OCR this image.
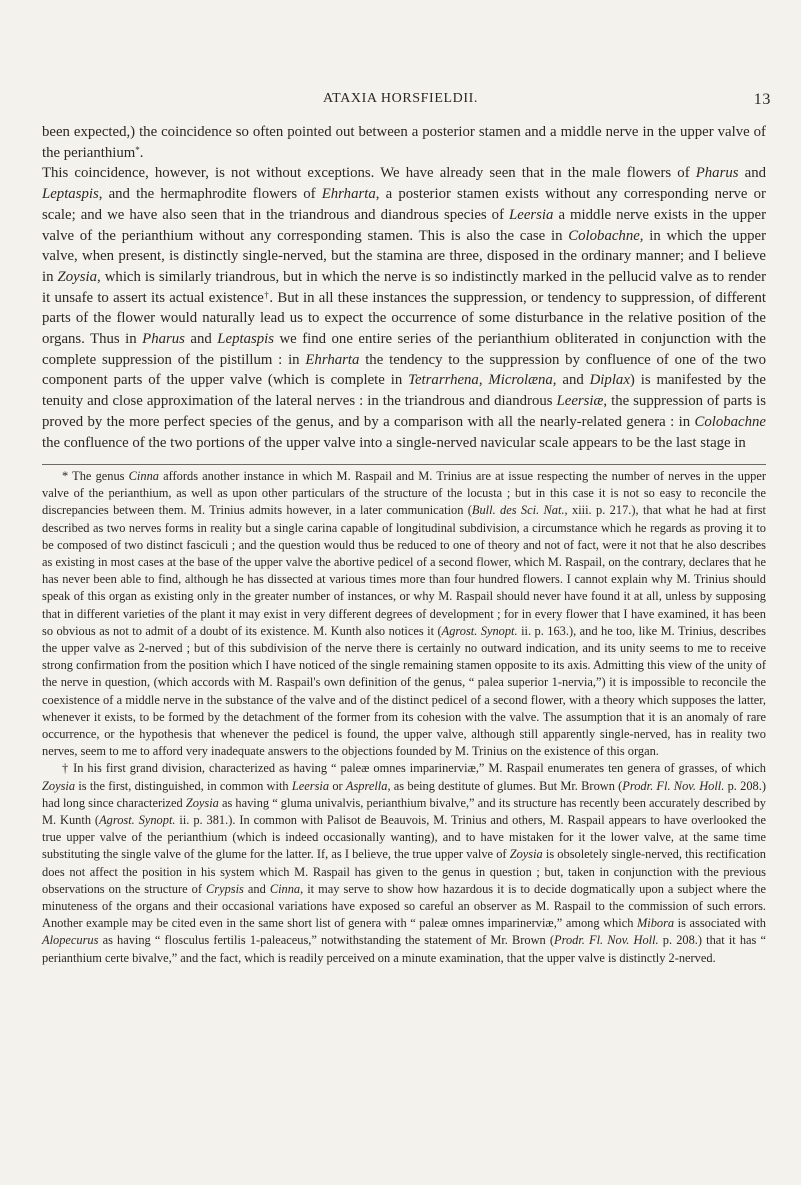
ATAXIA HORSFIELDII.	13

been expected,) the coincidence so often pointed out between a posterior stamen and a middle nerve in the upper valve of the perianthium*.

This coincidence, however, is not without exceptions. We have already seen that in the male flowers of Pharus and Leptaspis, and the hermaphrodite flowers of Ehrharta, a posterior stamen exists without any corresponding nerve or scale; and we have also seen that in the triandrous and diandrous species of Leersia a middle nerve exists in the upper valve of the perianthium without any corresponding stamen. This is also the case in Colobachne, in which the upper valve, when present, is distinctly single-nerved, but the stamina are three, disposed in the ordinary manner; and I believe in Zoysia, which is similarly triandrous, but in which the nerve is so indistinctly marked in the pellucid valve as to render it unsafe to assert its actual existence†. But in all these instances the suppression, or tendency to suppression, of different parts of the flower would naturally lead us to expect the occurrence of some disturbance in the relative position of the organs. Thus in Pharus and Leptaspis we find one entire series of the perianthium obliterated in conjunction with the complete suppression of the pistillum : in Ehrharta the tendency to the suppression by confluence of one of the two component parts of the upper valve (which is complete in Tetrarrhena, Microlæna, and Diplax) is manifested by the tenuity and close approximation of the lateral nerves : in the triandrous and diandrous Leersiæ, the suppression of parts is proved by the more perfect species of the genus, and by a comparison with all the nearly-related genera : in Colobachne the confluence of the two portions of the upper valve into a single-nerved navicular scale appears to be the last stage in

* The genus Cinna affords another instance in which M. Raspail and M. Trinius are at issue respecting the number of nerves in the upper valve of the perianthium, as well as upon other particulars of the structure of the locusta ; but in this case it is not so easy to reconcile the discrepancies between them. M. Trinius admits however, in a later communication (Bull. des Sci. Nat., xiii. p. 217.), that what he had at first described as two nerves forms in reality but a single carina capable of longitudinal subdivision, a circumstance which he regards as proving it to be composed of two distinct fasciculi ; and the question would thus be reduced to one of theory and not of fact, were it not that he also describes as existing in most cases at the base of the upper valve the abortive pedicel of a second flower, which M. Raspail, on the contrary, declares that he has never been able to find, although he has dissected at various times more than four hundred flowers. I cannot explain why M. Trinius should speak of this organ as existing only in the greater number of instances, or why M. Raspail should never have found it at all, unless by supposing that in different varieties of the plant it may exist in very different degrees of development ; for in every flower that I have examined, it has been so obvious as not to admit of a doubt of its existence. M. Kunth also notices it (Agrost. Synopt. ii. p. 163.), and he too, like M. Trinius, describes the upper valve as 2-nerved ; but of this subdivision of the nerve there is certainly no outward indication, and its unity seems to me to receive strong confirmation from the position which I have noticed of the single remaining stamen opposite to its axis. Admitting this view of the unity of the nerve in question, (which accords with M. Raspail's own definition of the genus, “ palea superior 1-nervia,”) it is impossible to reconcile the coexistence of a middle nerve in the substance of the valve and of the distinct pedicel of a second flower, with a theory which supposes the latter, whenever it exists, to be formed by the detachment of the former from its cohesion with the valve. The assumption that it is an anomaly of rare occurrence, or the hypothesis that whenever the pedicel is found, the upper valve, although still apparently single-nerved, has in reality two nerves, seem to me to afford very inadequate answers to the objections founded by M. Trinius on the existence of this organ.

† In his first grand division, characterized as having “ paleæ omnes imparinerviæ,” M. Raspail enumerates ten genera of grasses, of which Zoysia is the first, distinguished, in common with Leersia or Asprella, as being destitute of glumes. But Mr. Brown (Prodr. Fl. Nov. Holl. p. 208.) had long since characterized Zoysia as having “ gluma univalvis, perianthium bivalve,” and its structure has recently been accurately described by M. Kunth (Agrost. Synopt. ii. p. 381.). In common with Palisot de Beauvois, M. Trinius and others, M. Raspail appears to have overlooked the true upper valve of the perianthium (which is indeed occasionally wanting), and to have mistaken for it the lower valve, at the same time substituting the single valve of the glume for the latter. If, as I believe, the true upper valve of Zoysia is obsoletely single-nerved, this rectification does not affect the position in his system which M. Raspail has given to the genus in question ; but, taken in conjunction with the previous observations on the structure of Crypsis and Cinna, it may serve to show how hazardous it is to decide dogmatically upon a subject where the minuteness of the organs and their occasional variations have exposed so careful an observer as M. Raspail to the commission of such errors. Another example may be cited even in the same short list of genera with “ paleæ omnes imparinerviæ,” among which Mibora is associated with Alopecurus as having “ flosculus fertilis 1-paleaceus,” notwithstanding the statement of Mr. Brown (Prodr. Fl. Nov. Holl. p. 208.) that it has “ perianthium certe bivalve,” and the fact, which is readily perceived on a minute examination, that the upper valve is distinctly 2-nerved.
